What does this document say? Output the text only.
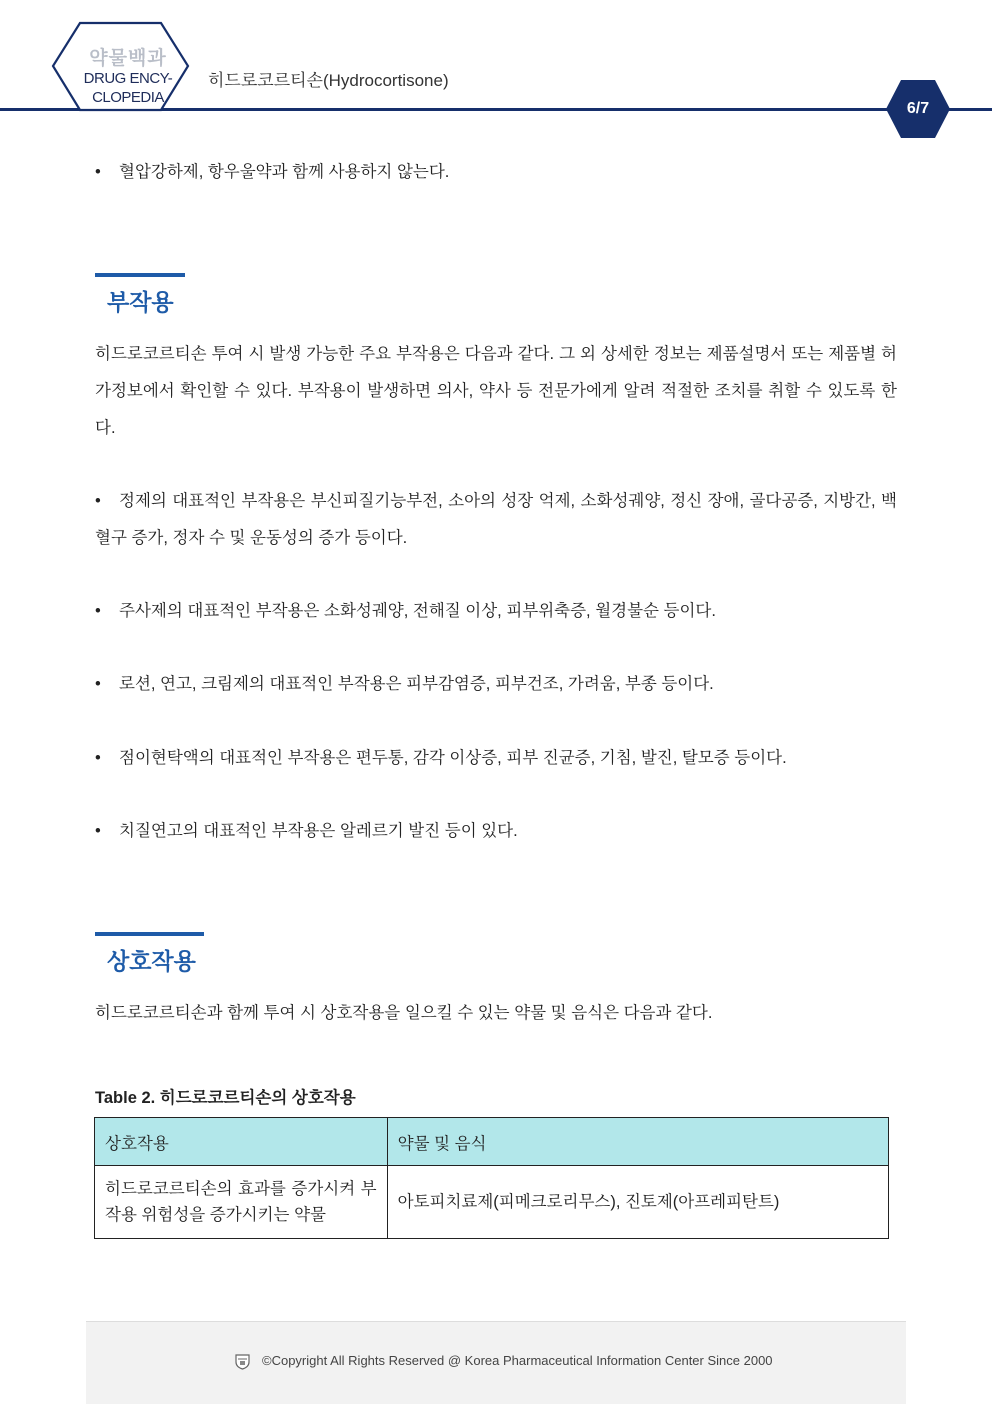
약물백과
DRUG ENCY-
CLOPEDIA
히드로코르티손(Hydrocortisone)
6/7
• 혈압강하제, 항우울약과 함께 사용하지 않는다.
부작용
히드로코르티손 투여 시 발생 가능한 주요 부작용은 다음과 같다. 그 외 상세한 정보는 제품설명서 또는 제품별 허가정보에서 확인할 수 있다. 부작용이 발생하면 의사, 약사 등 전문가에게 알려 적절한 조치를 취할 수 있도록 한다.
• 정제의 대표적인 부작용은 부신피질기능부전, 소아의 성장 억제, 소화성궤양, 정신 장애, 골다공증, 지방간, 백혈구 증가, 정자 수 및 운동성의 증가 등이다.
• 주사제의 대표적인 부작용은 소화성궤양, 전해질 이상, 피부위축증, 월경불순 등이다.
• 로션, 연고, 크림제의 대표적인 부작용은 피부감염증, 피부건조, 가려움, 부종 등이다.
• 점이현탁액의 대표적인 부작용은 편두통, 감각 이상증, 피부 진균증, 기침, 발진, 탈모증 등이다.
• 치질연고의 대표적인 부작용은 알레르기 발진 등이 있다.
상호작용
히드로코르티손과 함께 투여 시 상호작용을 일으킬 수 있는 약물 및 음식은 다음과 같다.
Table 2. 히드로코르티손의 상호작용
상호작용	약물 및 음식
히드로코르티손의 효과를 증가시켜 부작용 위험성을 증가시키는 약물	아토피치료제(피메크로리무스), 진토제(아프레피탄트)
©Copyright All Rights Reserved @ Korea Pharmaceutical Information Center Since 2000
